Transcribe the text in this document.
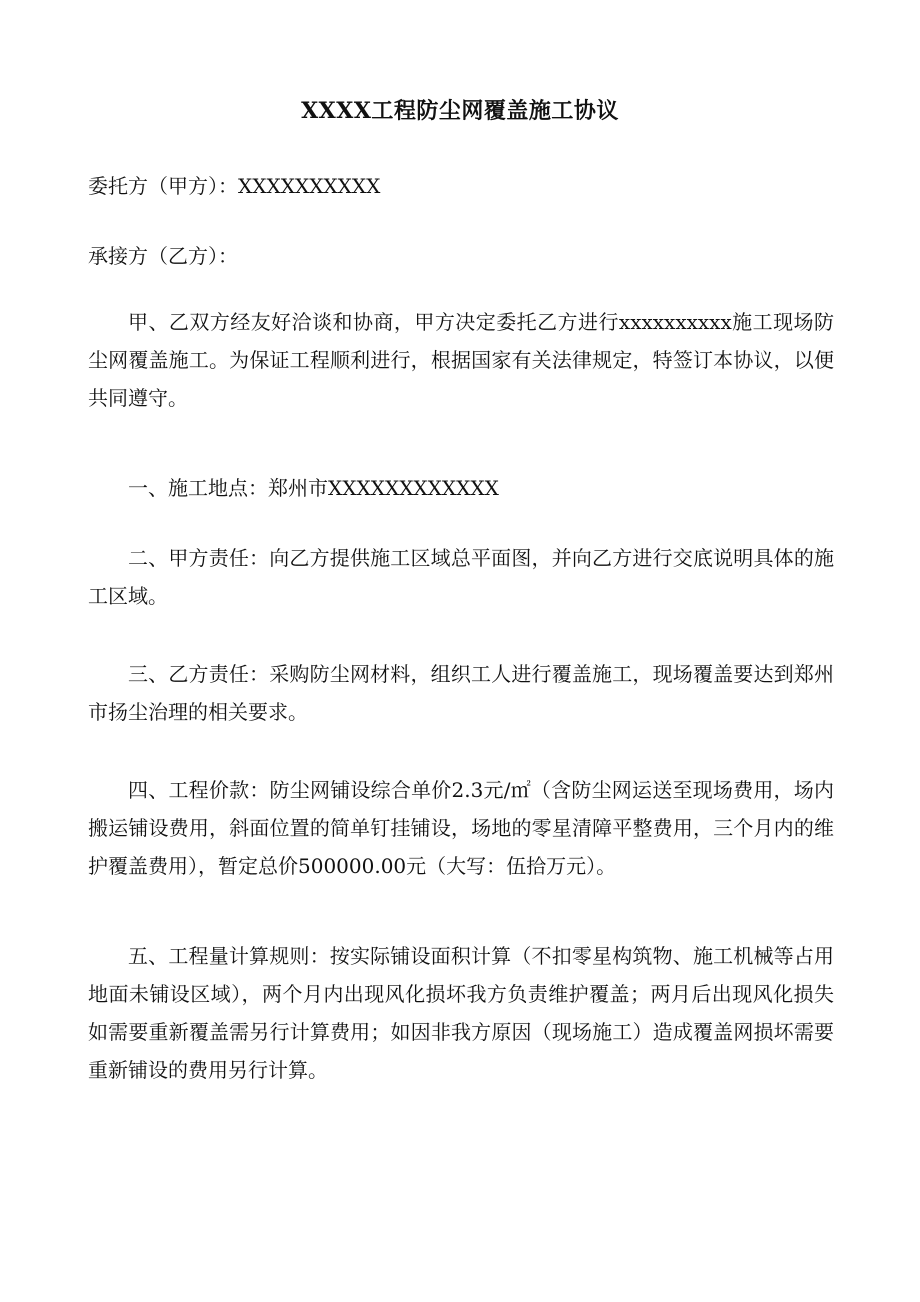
XXXX工程防尘网覆盖施工协议
委托方（甲方）：XXXXXXXXXX
承接方（乙方）：
甲、乙双方经友好洽谈和协商，甲方决定委托乙方进行xxxxxxxxxx施工现场防尘网覆盖施工。为保证工程顺利进行，根据国家有关法律规定，特签订本协议，以便共同遵守。
一、施工地点：郑州市XXXXXXXXXXXX
二、甲方责任：向乙方提供施工区域总平面图，并向乙方进行交底说明具体的施工区域。
三、乙方责任：采购防尘网材料，组织工人进行覆盖施工，现场覆盖要达到郑州市扬尘治理的相关要求。
四、工程价款：防尘网铺设综合单价2.3元/㎡（含防尘网运送至现场费用，场内搬运铺设费用，斜面位置的简单钉挂铺设，场地的零星清障平整费用，三个月内的维护覆盖费用），暂定总价500000.00元（大写：伍拾万元）。
五、工程量计算规则：按实际铺设面积计算（不扣零星构筑物、施工机械等占用地面未铺设区域），两个月内出现风化损坏我方负责维护覆盖；两月后出现风化损失如需要重新覆盖需另行计算费用；如因非我方原因（现场施工）造成覆盖网损坏需要重新铺设的费用另行计算。
